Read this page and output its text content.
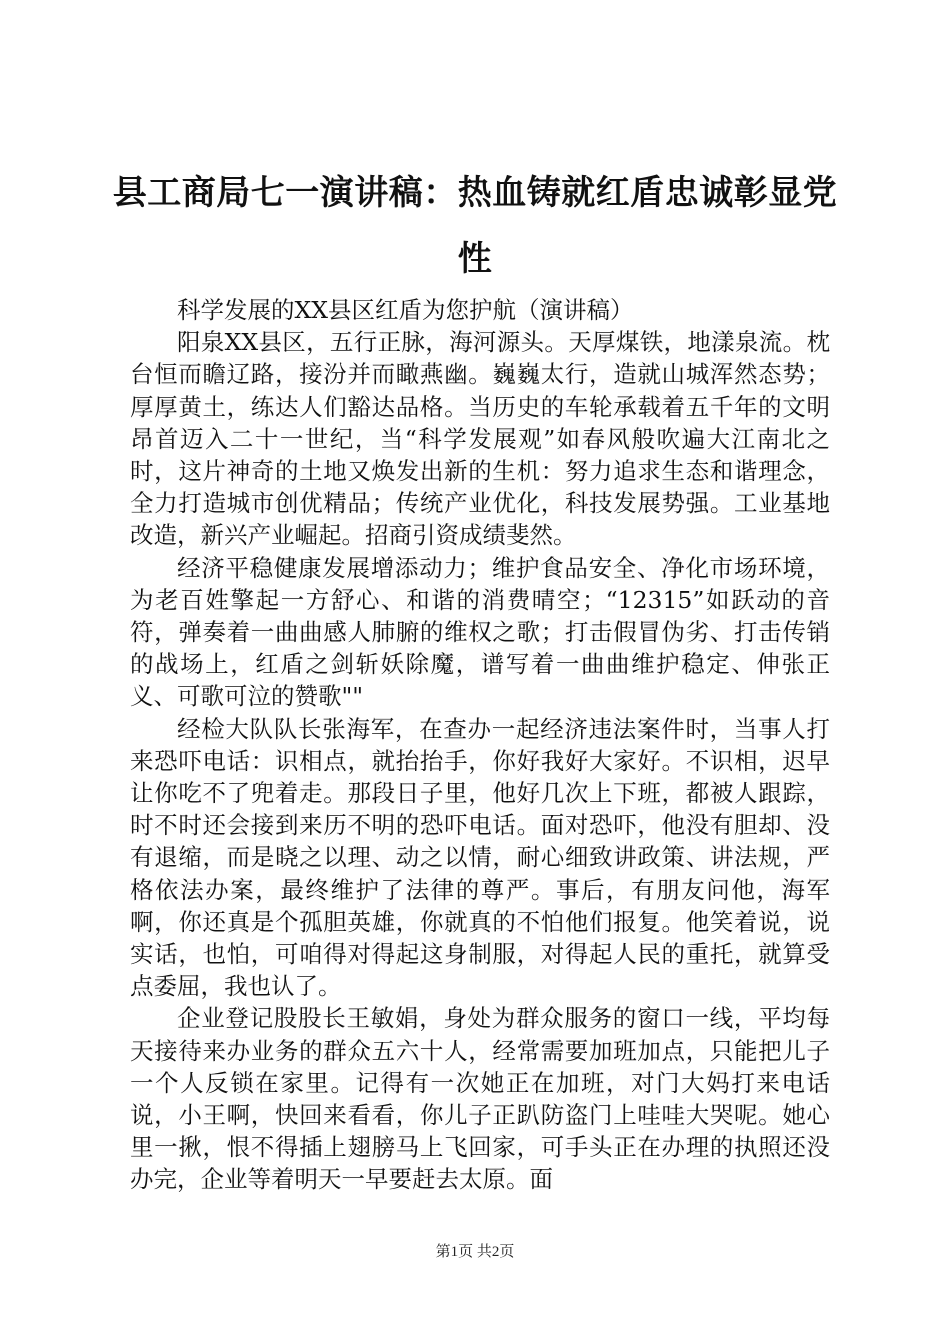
县工商局七一演讲稿：热血铸就红盾忠诚彰显党性

科学发展的XX县区红盾为您护航（演讲稿）

阳泉XX县区，五行正脉，海河源头。天厚煤铁，地漾泉流。枕台恒而瞻辽路，接汾并而瞰燕幽。巍巍太行，造就山城浑然态势；厚厚黄土，练达人们豁达品格。当历史的车轮承载着五千年的文明昂首迈入二十一世纪，当“科学发展观”如春风般吹遍大江南北之时，这片神奇的土地又焕发出新的生机：努力追求生态和谐理念，全力打造城市创优精品；传统产业优化，科技发展势强。工业基地改造，新兴产业崛起。招商引资成绩斐然。

经济平稳健康发展增添动力；维护食品安全、净化市场环境，为老百姓擎起一方舒心、和谐的消费晴空；“12315”如跃动的音符，弹奏着一曲曲感人肺腑的维权之歌；打击假冒伪劣、打击传销的战场上，红盾之剑斩妖除魔，谱写着一曲曲维护稳定、伸张正义、可歌可泣的赞歌""

经检大队队长张海军，在查办一起经济违法案件时，当事人打来恐吓电话：识相点，就抬抬手，你好我好大家好。不识相，迟早让你吃不了兜着走。那段日子里，他好几次上下班，都被人跟踪，时不时还会接到来历不明的恐吓电话。面对恐吓，他没有胆却、没有退缩，而是晓之以理、动之以情，耐心细致讲政策、讲法规，严格依法办案，最终维护了法律的尊严。事后，有朋友问他，海军啊，你还真是个孤胆英雄，你就真的不怕他们报复。他笑着说，说实话，也怕，可咱得对得起这身制服，对得起人民的重托，就算受点委屈，我也认了。

企业登记股股长王敏娟，身处为群众服务的窗口一线，平均每天接待来办业务的群众五六十人，经常需要加班加点，只能把儿子一个人反锁在家里。记得有一次她正在加班，对门大妈打来电话说，小王啊，快回来看看，你儿子正趴防盗门上哇哇大哭呢。她心里一揪，恨不得插上翅膀马上飞回家，可手头正在办理的执照还没办完，企业等着明天一早要赶去太原。面

第1页 共2页
